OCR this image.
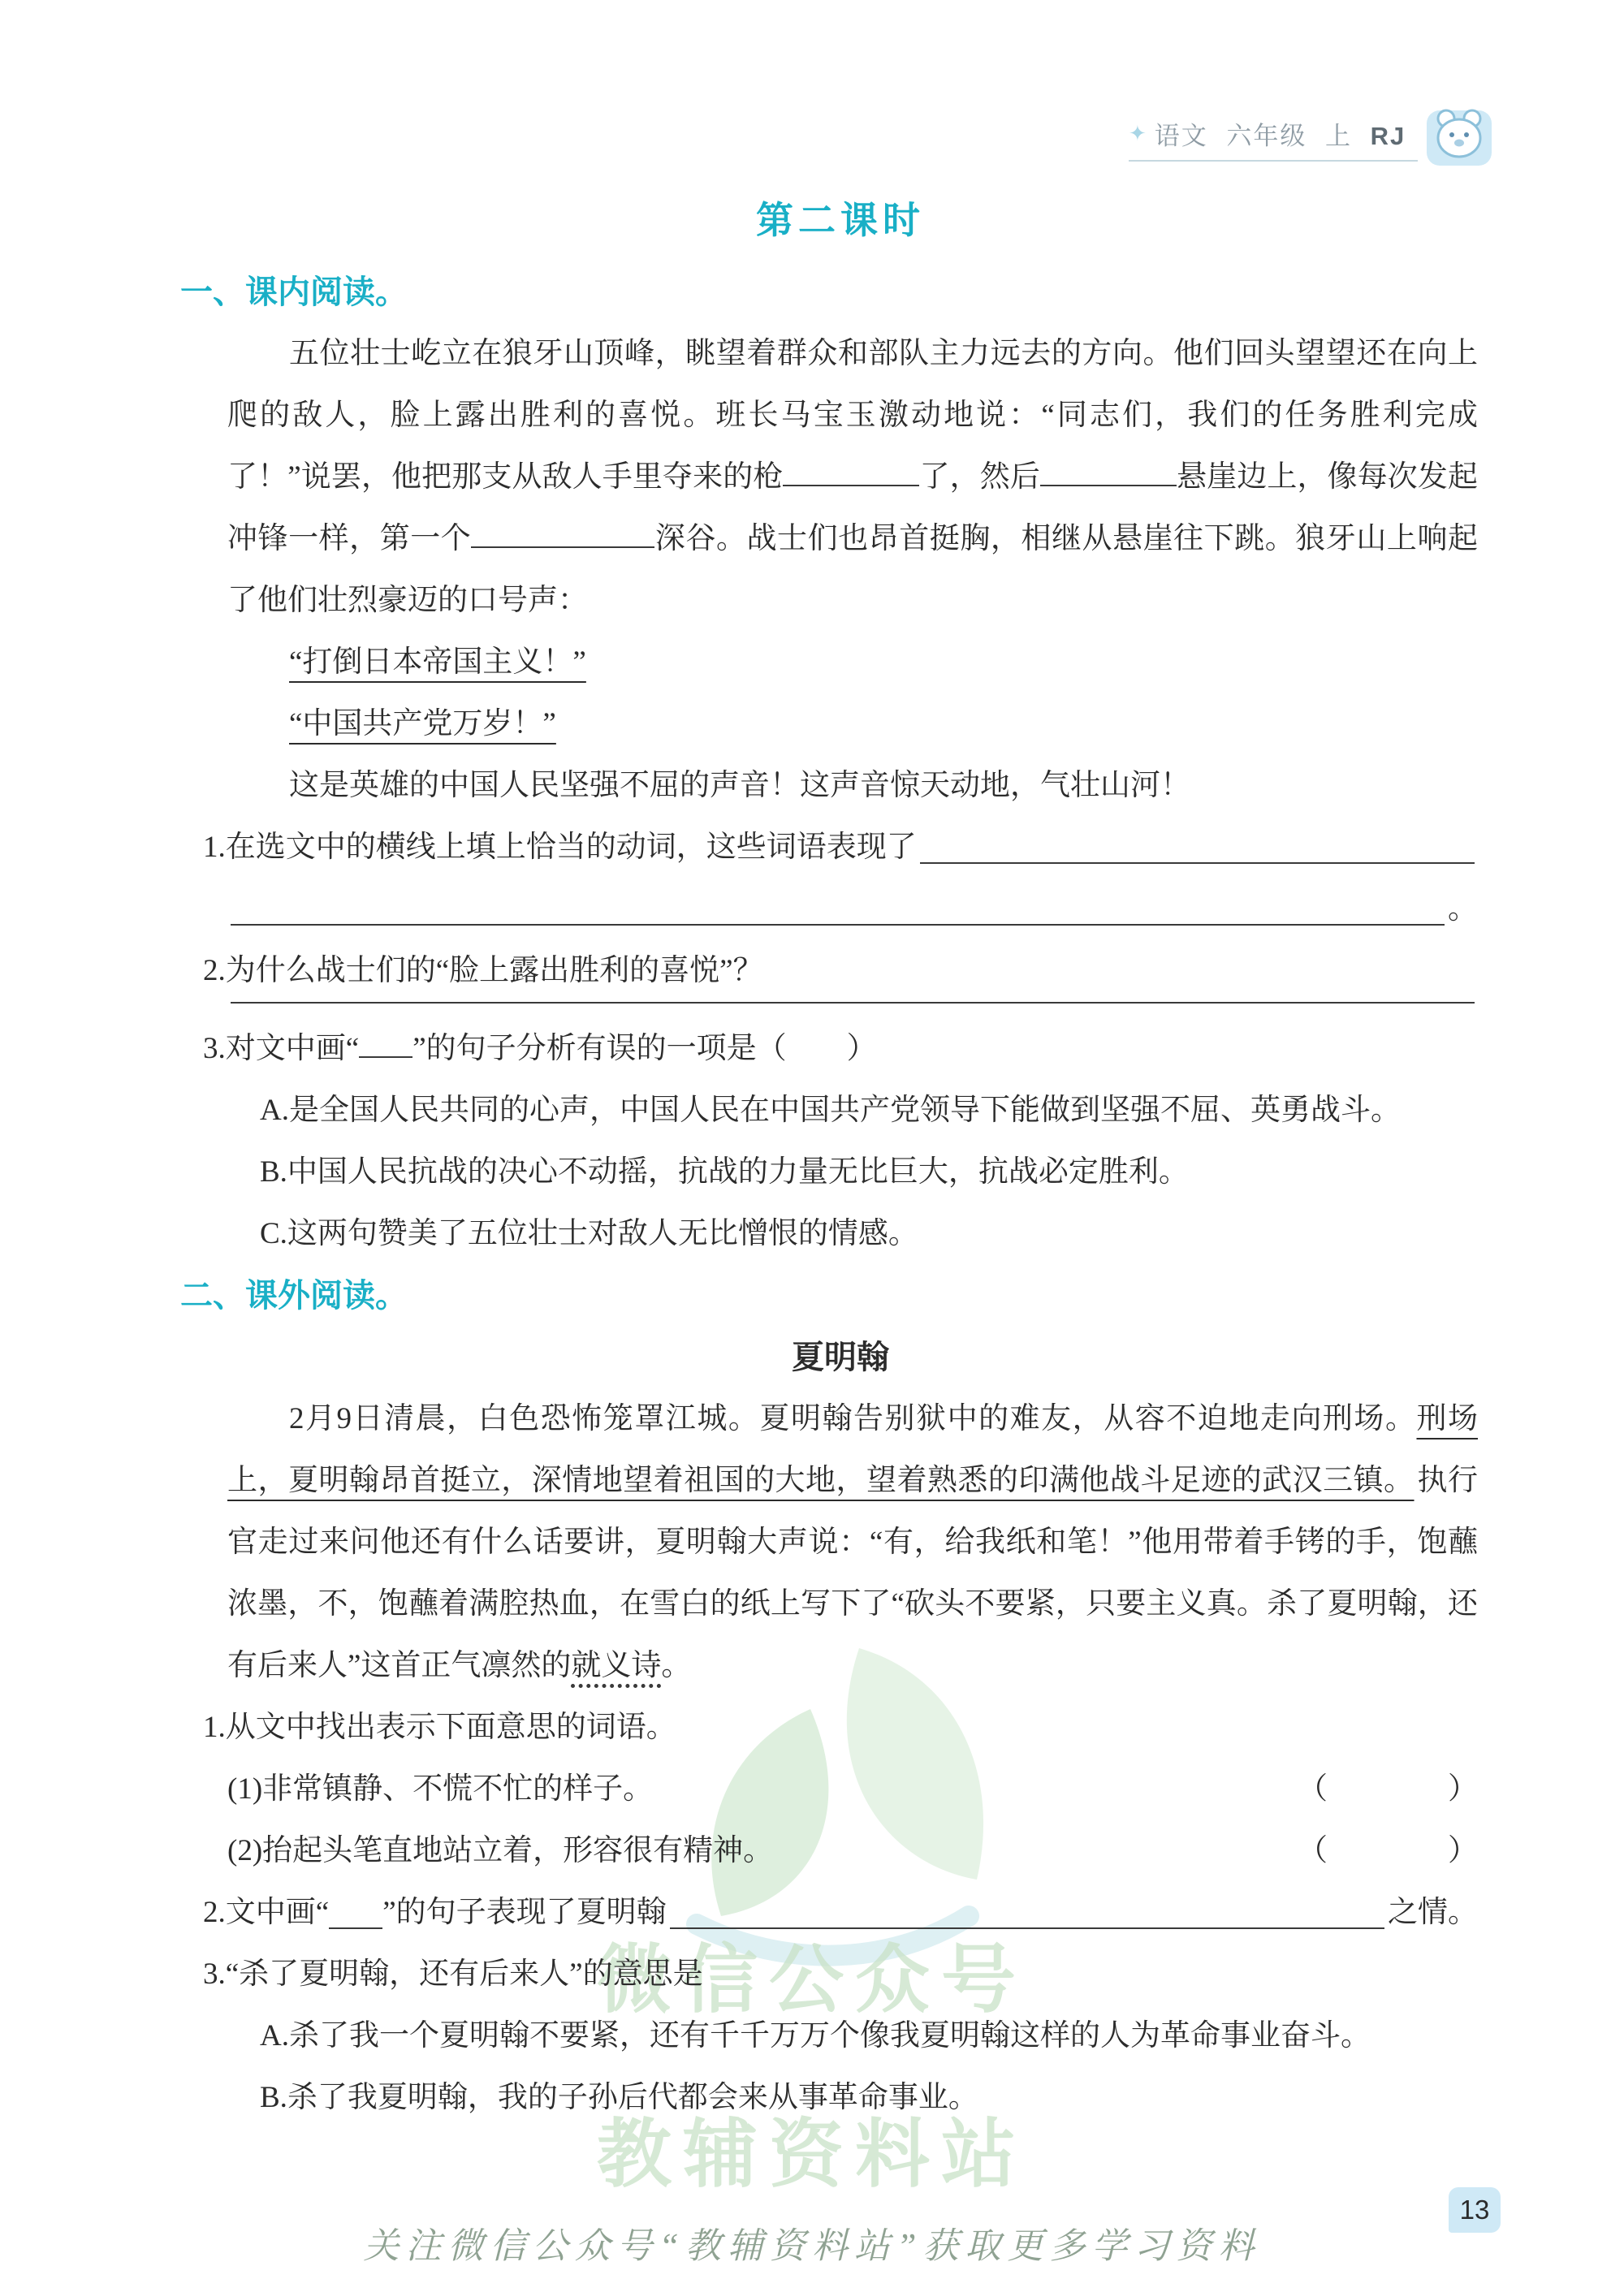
✦ 语文 六年级 上 RJ
微信公众号
教辅资料站
第二课时
一、课内阅读。

五位壮士屹立在狼牙山顶峰，眺望着群众和部队主力远去的方向。他们回头望望还在向上爬的敌人，脸上露出胜利的喜悦。班长马宝玉激动地说：“同志们，我们的任务胜利完成了！”说罢，他把那支从敌人手里夺来的枪	了，然后	悬崖边上，像每次发起冲锋一样，第一个	深谷。战士们也昂首挺胸，相继从悬崖往下跳。狼牙山上响起了他们壮烈豪迈的口号声：

“打倒日本帝国主义！”
“中国共产党万岁！”

这是英雄的中国人民坚强不屈的声音！这声音惊天动地，气壮山河！

1.在选文中的横线上填上恰当的动词，这些词语表现了
。
2.为什么战士们的“脸上露出胜利的喜悦”？
3.对文中画“ ”的句子分析有误的一项是（　　）
A.是全国人民共同的心声，中国人民在中国共产党领导下能做到坚强不屈、英勇战斗。
B.中国人民抗战的决心不动摇，抗战的力量无比巨大，抗战必定胜利。
C.这两句赞美了五位壮士对敌人无比憎恨的情感。
二、课外阅读。
夏明翰

2月9日清晨，白色恐怖笼罩江城。夏明翰告别狱中的难友，从容不迫地走向刑场。刑场上，夏明翰昂首挺立，深情地望着祖国的大地，望着熟悉的印满他战斗足迹的武汉三镇。 执行官走过来问他还有什么话要讲，夏明翰大声说：“有，给我纸和笔！”他用带着手铐的手，饱蘸浓墨，不，饱蘸着满腔热血，在雪白的纸上写下了“砍头不要紧，只要主义真。杀了夏明翰，还有后来人”这首正气凛然的就义诗。

1.从文中找出表示下面意思的词语。
(1)非常镇静、不慌不忙的样子。	（　　　　）
(2)抬起头笔直地站立着，形容很有精神。	（　　　　）
2.文中画“ ”的句子表现了夏明翰	之情。
3.“杀了夏明翰，还有后来人”的意思是
A.杀了我一个夏明翰不要紧，还有千千万万个像我夏明翰这样的人为革命事业奋斗。
B.杀了我夏明翰，我的子孙后代都会来从事革命事业。
13
关注微信公众号“教辅资料站”获取更多学习资料
